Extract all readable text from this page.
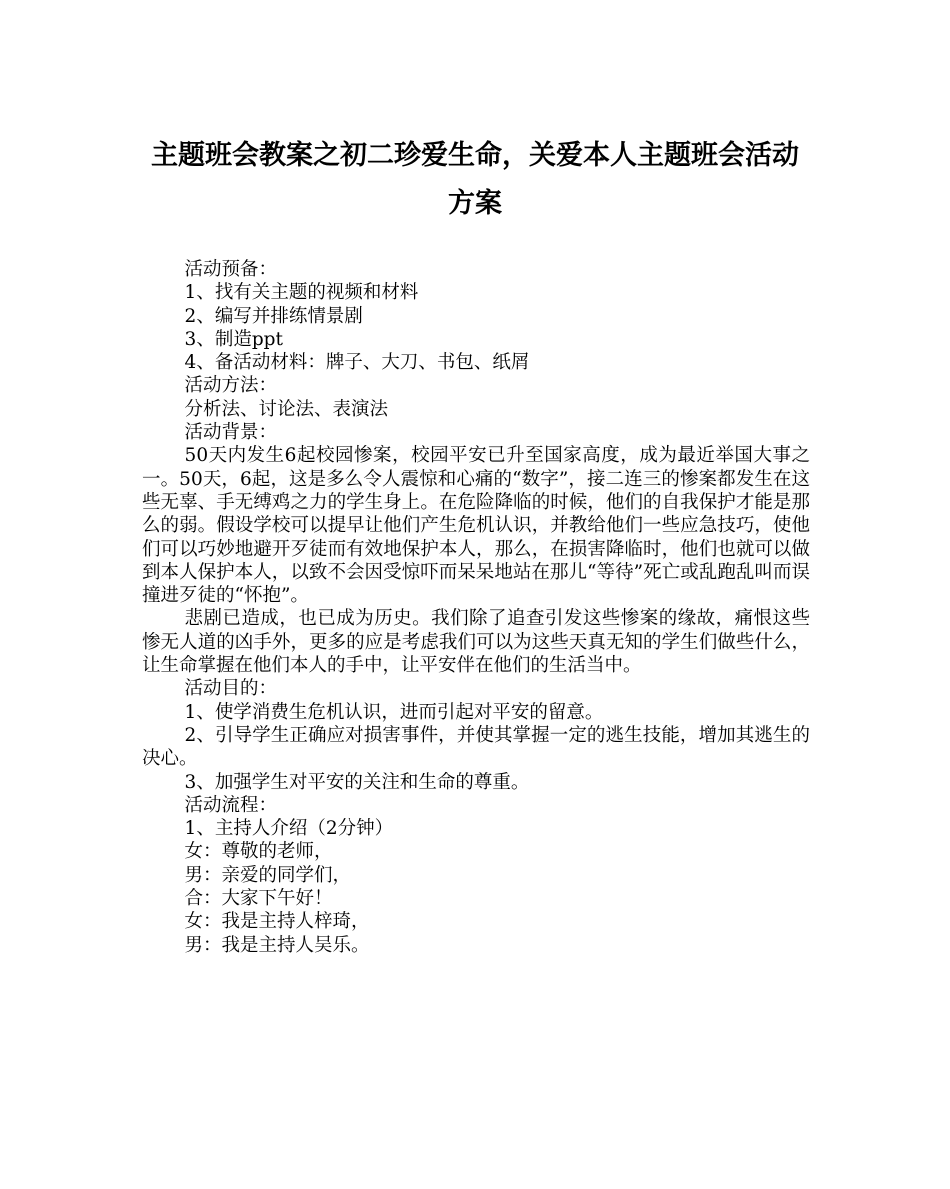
主题班会教案之初二珍爱生命，关爱本人主题班会活动方案

活动预备：

1、找有关主题的视频和材料

2、编写并排练情景剧

3、制造ppt

4、备活动材料：牌子、大刀、书包、纸屑

活动方法：

分析法、讨论法、表演法

活动背景：

50天内发生6起校园惨案，校园平安已升至国家高度，成为最近举国大事之一。50天，6起，这是多么令人震惊和心痛的“数字”，接二连三的惨案都发生在这些无辜、手无缚鸡之力的学生身上。在危险降临的时候，他们的自我保护才能是那么的弱。假设学校可以提早让他们产生危机认识，并教给他们一些应急技巧，使他们可以巧妙地避开歹徒而有效地保护本人，那么，在损害降临时，他们也就可以做到本人保护本人，以致不会因受惊吓而呆呆地站在那儿“等待”死亡或乱跑乱叫而误撞进歹徒的“怀抱”。

悲剧已造成，也已成为历史。我们除了追查引发这些惨案的缘故，痛恨这些惨无人道的凶手外，更多的应是考虑我们可以为这些天真无知的学生们做些什么，让生命掌握在他们本人的手中，让平安伴在他们的生活当中。

活动目的：

1、使学消费生危机认识，进而引起对平安的留意。

2、引导学生正确应对损害事件，并使其掌握一定的逃生技能，增加其逃生的决心。

3、加强学生对平安的关注和生命的尊重。

活动流程：

1、主持人介绍（2分钟）

女：尊敬的老师，

男：亲爱的同学们，

合：大家下午好！

女：我是主持人梓琦，

男：我是主持人吴乐。
